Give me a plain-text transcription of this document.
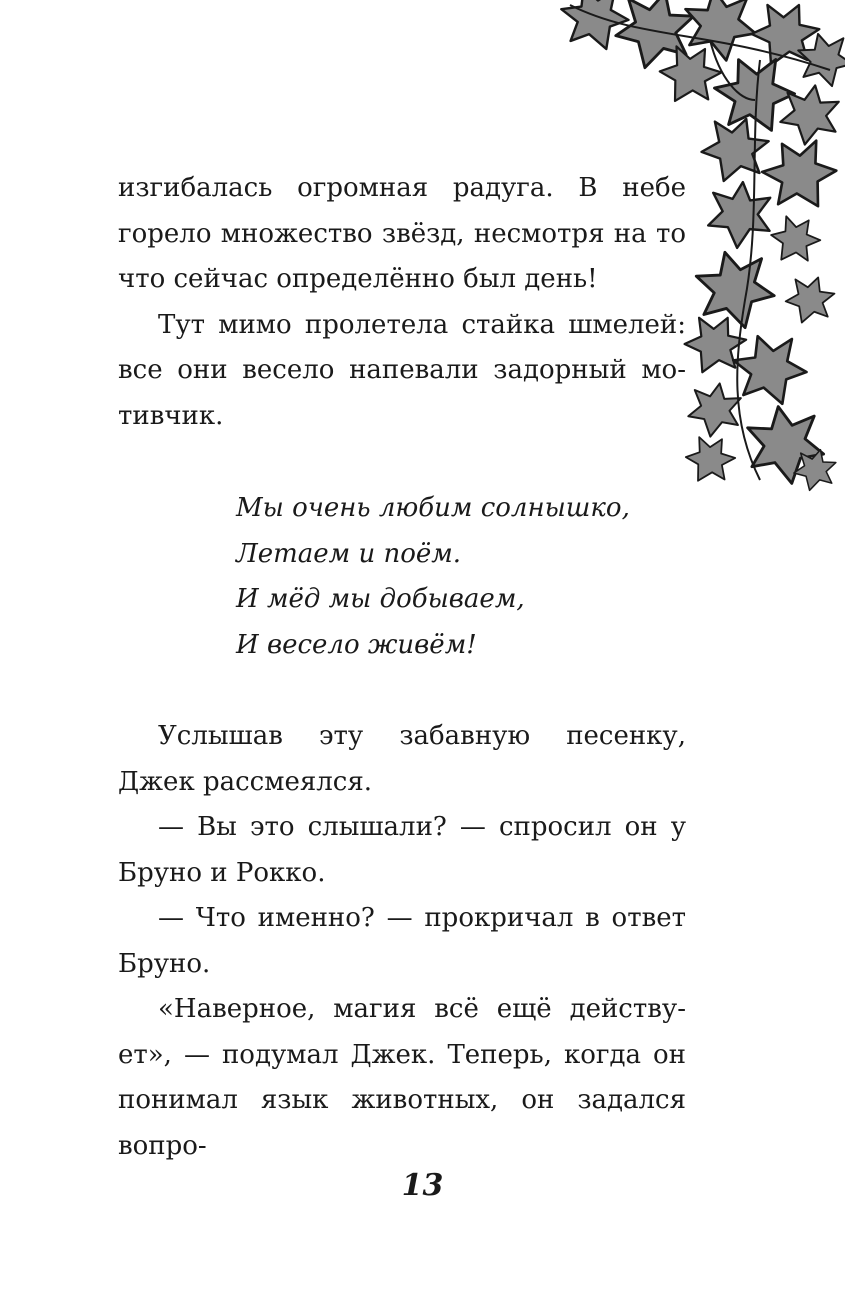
изгибалась огромная радуга. В небе горело множество звёзд, несмотря на то что сейчас определённо был день!

Тут мимо пролетела стайка шмелей: все они весело напевали задорный мотивчик.

Мы очень любим солнышко,
Летаем и поём.
И мёд мы добываем,
И весело живём!

Услышав эту забавную песенку, Джек рассмеялся.

— Вы это слышали? — спросил он у Бруно и Рокко.

— Что именно? — прокричал в ответ Бруно.

«Наверное, магия всё ещё действует», — подумал Джек. Теперь, когда он понимал язык животных, он задался вопро-

13
